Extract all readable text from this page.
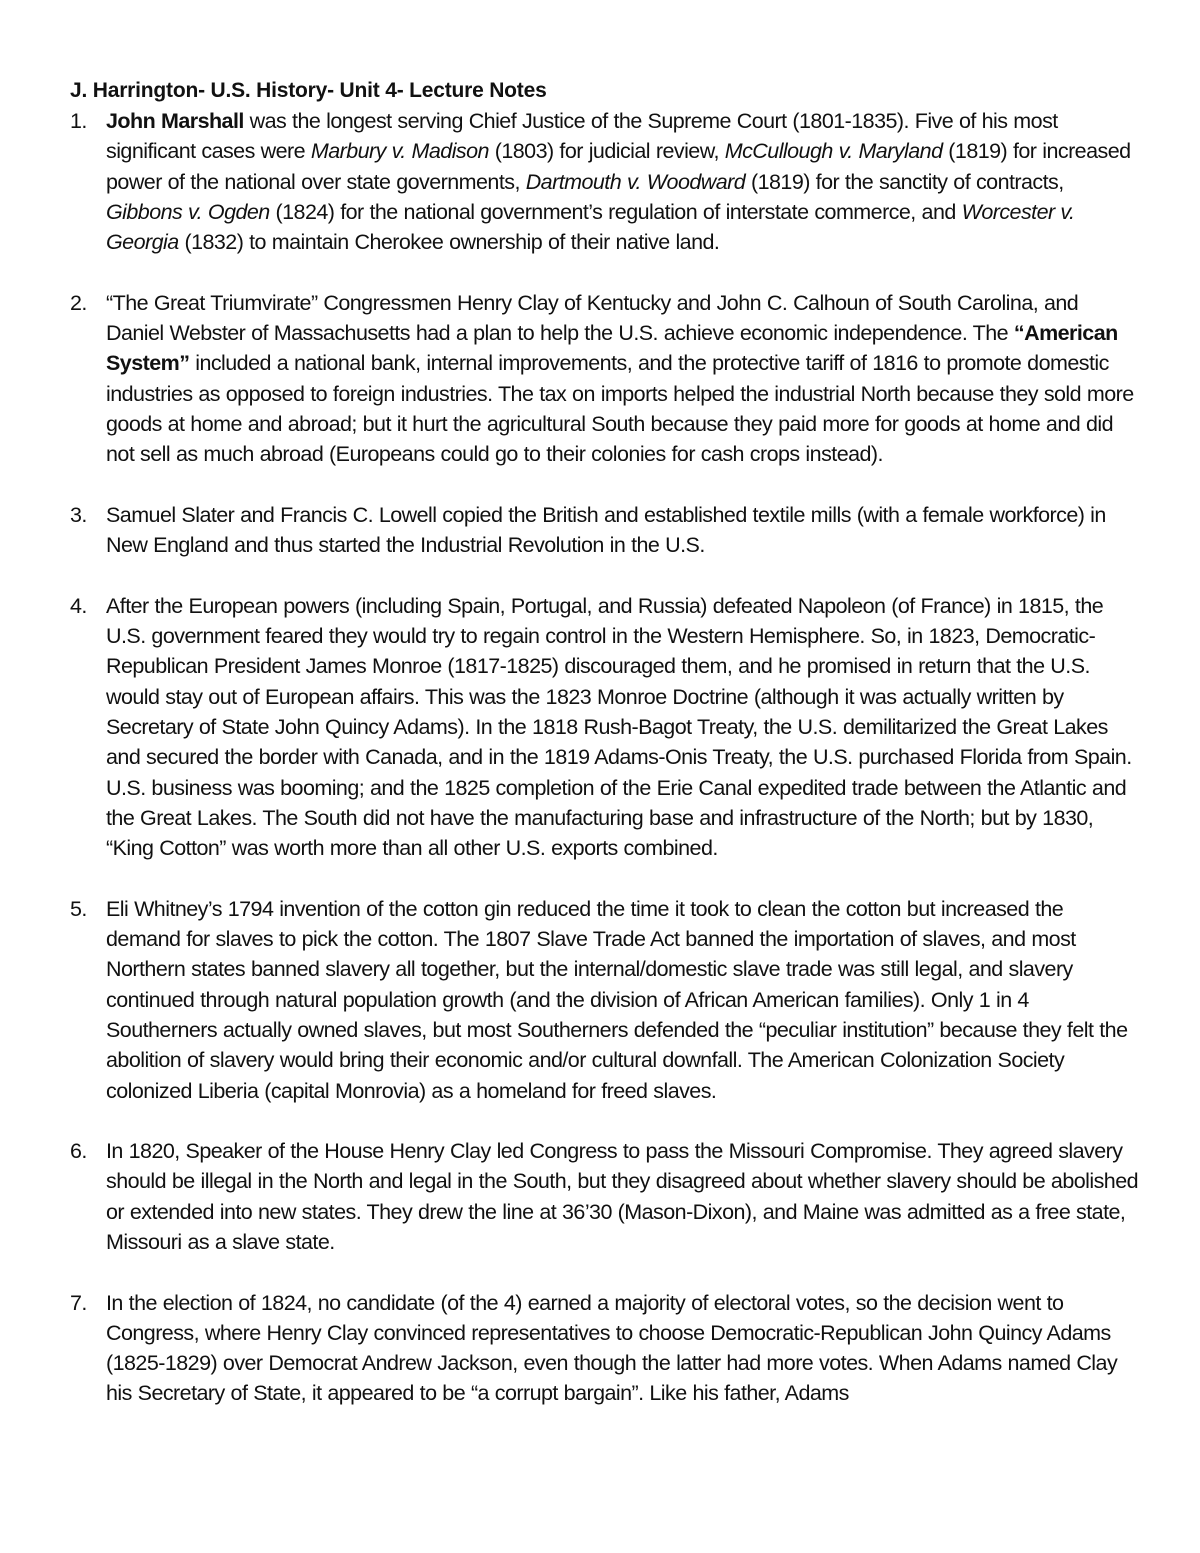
J. Harrington- U.S. History- Unit 4- Lecture Notes
1. John Marshall was the longest serving Chief Justice of the Supreme Court (1801-1835). Five of his most significant cases were Marbury v. Madison (1803) for judicial review, McCullough v. Maryland (1819) for increased power of the national over state governments, Dartmouth v. Woodward (1819) for the sanctity of contracts, Gibbons v. Ogden (1824) for the national government’s regulation of interstate commerce, and Worcester v. Georgia (1832) to maintain Cherokee ownership of their native land.
2. “The Great Triumvirate” Congressmen Henry Clay of Kentucky and John C. Calhoun of South Carolina, and Daniel Webster of Massachusetts had a plan to help the U.S. achieve economic independence. The “American System” included a national bank, internal improvements, and the protective tariff of 1816 to promote domestic industries as opposed to foreign industries. The tax on imports helped the industrial North because they sold more goods at home and abroad; but it hurt the agricultural South because they paid more for goods at home and did not sell as much abroad (Europeans could go to their colonies for cash crops instead).
3. Samuel Slater and Francis C. Lowell copied the British and established textile mills (with a female workforce) in New England and thus started the Industrial Revolution in the U.S.
4. After the European powers (including Spain, Portugal, and Russia) defeated Napoleon (of France) in 1815, the U.S. government feared they would try to regain control in the Western Hemisphere. So, in 1823, Democratic-Republican President James Monroe (1817-1825) discouraged them, and he promised in return that the U.S. would stay out of European affairs. This was the 1823 Monroe Doctrine (although it was actually written by Secretary of State John Quincy Adams). In the 1818 Rush-Bagot Treaty, the U.S. demilitarized the Great Lakes and secured the border with Canada, and in the 1819 Adams-Onis Treaty, the U.S. purchased Florida from Spain. U.S. business was booming; and the 1825 completion of the Erie Canal expedited trade between the Atlantic and the Great Lakes. The South did not have the manufacturing base and infrastructure of the North; but by 1830, “King Cotton” was worth more than all other U.S. exports combined.
5. Eli Whitney’s 1794 invention of the cotton gin reduced the time it took to clean the cotton but increased the demand for slaves to pick the cotton. The 1807 Slave Trade Act banned the importation of slaves, and most Northern states banned slavery all together, but the internal/domestic slave trade was still legal, and slavery continued through natural population growth (and the division of African American families). Only 1 in 4 Southerners actually owned slaves, but most Southerners defended the “peculiar institution” because they felt the abolition of slavery would bring their economic and/or cultural downfall. The American Colonization Society colonized Liberia (capital Monrovia) as a homeland for freed slaves.
6. In 1820, Speaker of the House Henry Clay led Congress to pass the Missouri Compromise. They agreed slavery should be illegal in the North and legal in the South, but they disagreed about whether slavery should be abolished or extended into new states. They drew the line at 36’30 (Mason-Dixon), and Maine was admitted as a free state, Missouri as a slave state.
7. In the election of 1824, no candidate (of the 4) earned a majority of electoral votes, so the decision went to Congress, where Henry Clay convinced representatives to choose Democratic-Republican John Quincy Adams (1825-1829) over Democrat Andrew Jackson, even though the latter had more votes. When Adams named Clay his Secretary of State, it appeared to be “a corrupt bargain”. Like his father, Adams
